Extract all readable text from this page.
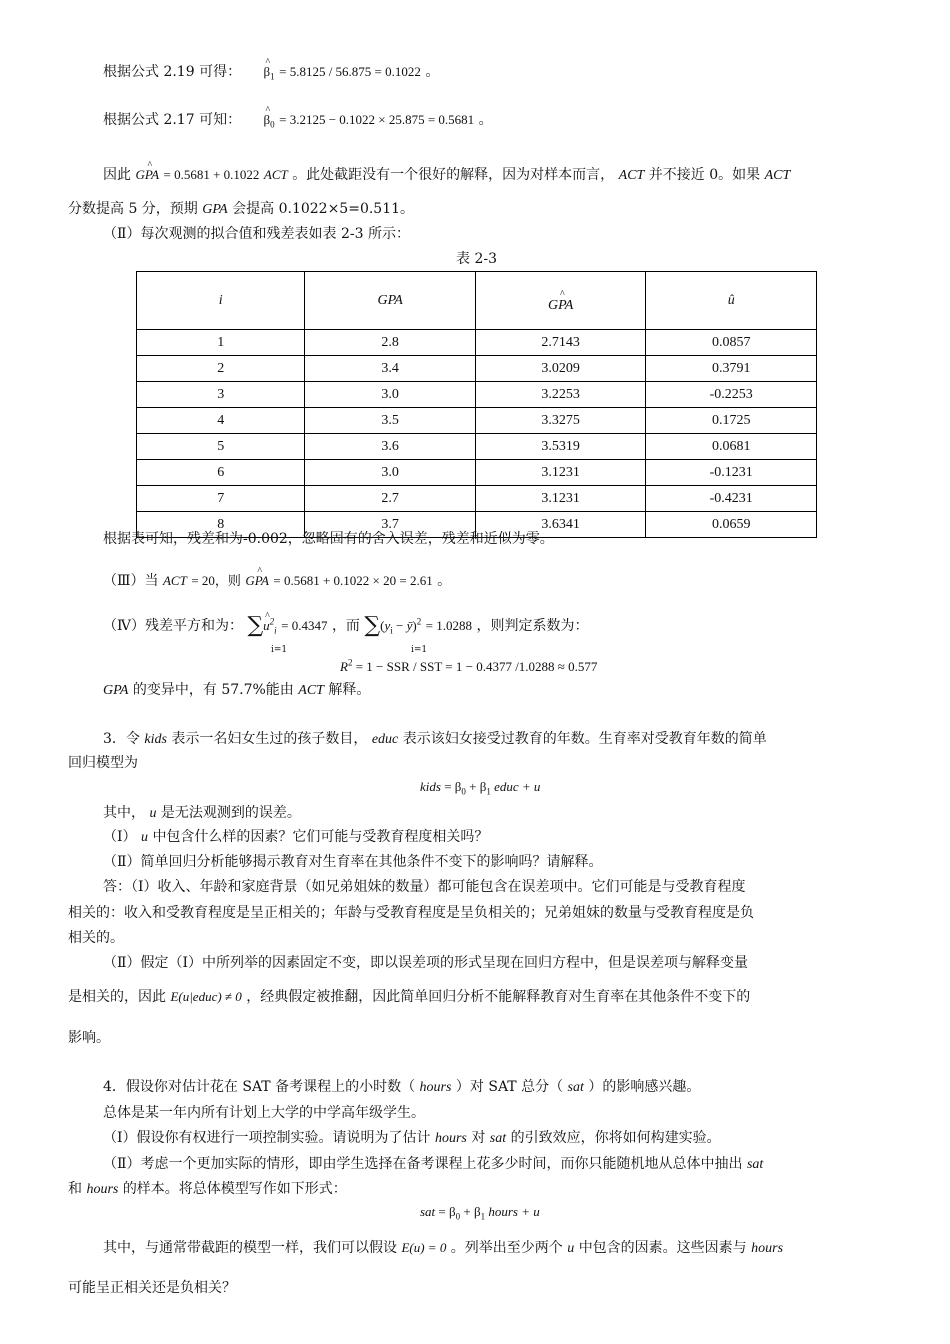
根据公式 2.19 可得： ^ $\beta_1 = 5.8125 / 56.875 = 0.1022$ 。
根据公式 2.17 可知： ^ $\beta_0 = 3.2125 - 0.1022 \times 25.875 = 0.5681$ 。
因此 ^ GPA = 0.5681 + 0.1022 ACT 。此处截距没有一个很好的解释，因为对样本而言， ACT 并不接近 0。如果 ACT
分数提高 5 分，预期 GPA 会提高 0.1022×5=0.511。
（Ⅱ）每次观测的拟合值和残差表如表 2-3 所示：
表 2-3
i	GPA	^ GPA	û
1	2.8	2.7143	0.0857
2	3.4	3.0209	0.3791
3	3.0	3.2253	-0.2253
4	3.5	3.3275	0.1725
5	3.6	3.5319	0.0681
6	3.0	3.1231	-0.1231
7	2.7	3.1231	-0.4231
8	3.7	3.6341	0.0659
根据表可知，残差和为-0.002，忽略固有的舍入误差，残差和近似为零。
（Ⅲ）当 ACT = 20，则 ^ GPA = 0.5681 + 0.1022 × 20 = 2.61 。
（Ⅳ）残差平方和为： ∑^ $u^2_i = 0.4347$ ，而 $\sum(y_i$ − ȳ)$^2$ = 1.0288 ，则判定系数为：
i=1	i=1
$R^2 = 1$ − SSR / SST = 1 − 0.4377 /1.0288 ≈ 0.577
GPA 的变异中，有 57.7%能由 ACT 解释。
3．令 kids 表示一名妇女生过的孩子数目， educ 表示该妇女接受过教育的年数。生育率对受教育年数的简单
回归模型为
kids = $\beta_0 + \beta_1$ educ + u
其中， u 是无法观测到的误差。
（Ⅰ） u 中包含什么样的因素？它们可能与受教育程度相关吗？
（Ⅱ）简单回归分析能够揭示教育对生育率在其他条件不变下的影响吗？请解释。
答：（Ⅰ）收入、年龄和家庭背景（如兄弟姐妹的数量）都可能包含在误差项中。它们可能是与受教育程度
相关的：收入和受教育程度是呈正相关的；年龄与受教育程度是呈负相关的；兄弟姐妹的数量与受教育程度是负
相关的。
（Ⅱ）假定（Ⅰ）中所列举的因素固定不变，即以误差项的形式呈现在回归方程中，但是误差项与解释变量
是相关的，因此 E(u|educ) ≠ 0 ，经典假定被推翻，因此简单回归分析不能解释教育对生育率在其他条件不变下的
影响。
4．假设你对估计花在 SAT 备考课程上的小时数（ hours ）对 SAT 总分（ sat ）的影响感兴趣。
总体是某一年内所有计划上大学的中学高年级学生。
（Ⅰ）假设你有权进行一项控制实验。请说明为了估计 hours 对 sat 的引致效应，你将如何构建实验。
（Ⅱ）考虑一个更加实际的情形，即由学生选择在备考课程上花多少时间，而你只能随机地从总体中抽出 sat
和 hours 的样本。将总体模型写作如下形式：
sat = $\beta_0 + \beta_1$ hours + u
其中，与通常带截距的模型一样，我们可以假设 E(u) = 0 。列举出至少两个 u 中包含的因素。这些因素与 hours
可能呈正相关还是负相关？
